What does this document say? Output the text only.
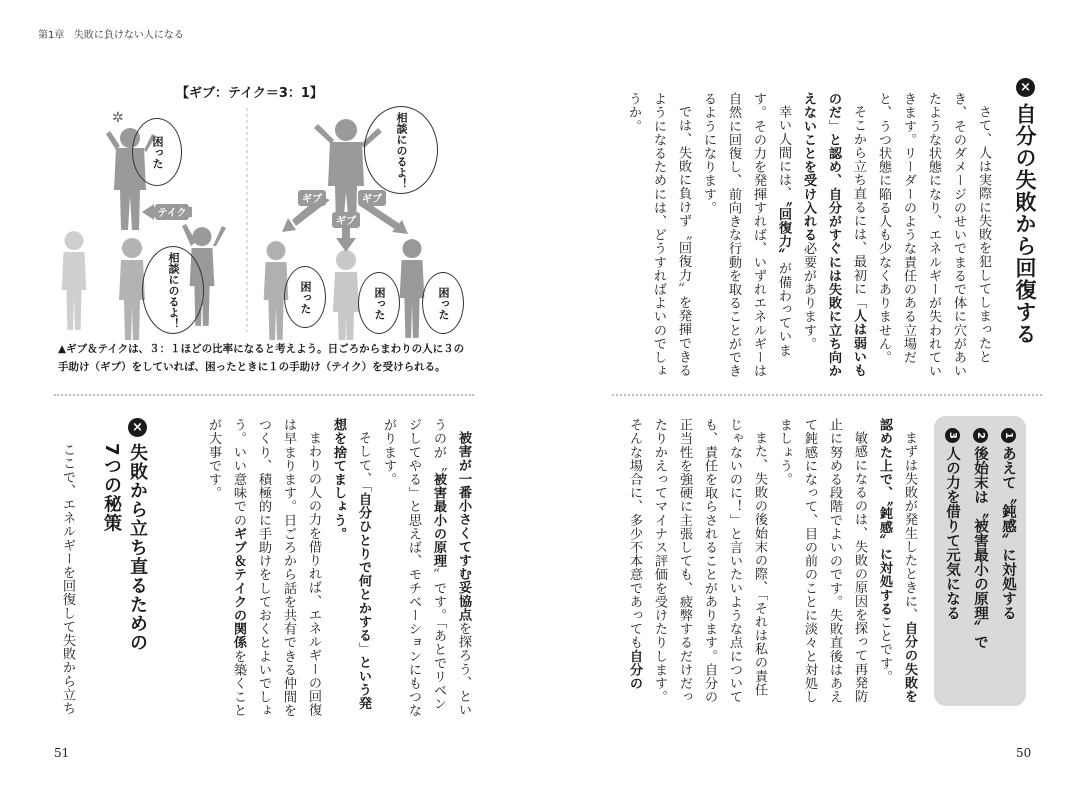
第1章 失敗に負けない人になる
×自分の失敗から回復する

さて、人は実際に失敗を犯してしまったとき、そのダメージのせいでまるで体に穴があいたような状態になり、エネルギーが失われていきます。リーダーのような責任のある立場だと、うつ状態に陥る人も少なくありません。

そこから立ち直るには、最初に「人は弱いものだ」と認め、自分がすぐには失敗に立ち向かえないことを受け入れる必要があります。

幸い人間には、〝回復力〟が備わっています。その力を発揮すれば、いずれエネルギーは自然に回復し、前向きな行動を取ることができるようになります。

では、失敗に負けず〝回復力〟を発揮できるようになるためには、どうすればよいのでしょうか。

1あえて〝鈍感〟に対処する
2後始末は〝被害最小の原理〟で
3人の力を借りて元気になる

まずは失敗が発生したときに、自分の失敗を認めた上で、〝鈍感〟に対処することです。

敏感になるのは、失敗の原因を探って再発防止に努める段階でよいのです。失敗直後はあえて鈍感になって、目の前のことに淡々と対処しましょう。

また、失敗の後始末の際、「それは私の責任じゃないのに！」と言いたいような点についても、責任を取らされることがあります。自分の正当性を強硬に主張しても、疲弊するだけだったりかえってマイナス評価を受けたりします。そんな場合に、多少不本意であっても自分の

50
【ギブ：テイク＝3：1】
✲
テイク
ギブ
ギブ
ギブ
困った	相談にのるよ！
相談にのるよ！	困った	困った	困った
▲ギブ＆テイクは、３：１ほどの比率になると考えよう。日ごろからまわりの人に３の手助け（ギブ）をしていれば、困ったときに１の手助け（テイク）を受けられる。

被害が一番小さくてすむ妥協点を探ろう、というのが〝被害最小の原理〟です。「あとでリベンジしてやる」と思えば、モチベーションにもつながります。

そして、「自分ひとりで何とかする」という発想を捨てましょう。

まわりの人の力を借りれば、エネルギーの回復は早まります。日ごろから話を共有できる仲間をつくり、積極的に手助けをしておくとよいでしょう。いい意味でのギブ＆テイクの関係を築くことが大事です。

×失敗から立ち直るための
7つの秘策

ここで、エネルギーを回復して失敗から立ち

51
